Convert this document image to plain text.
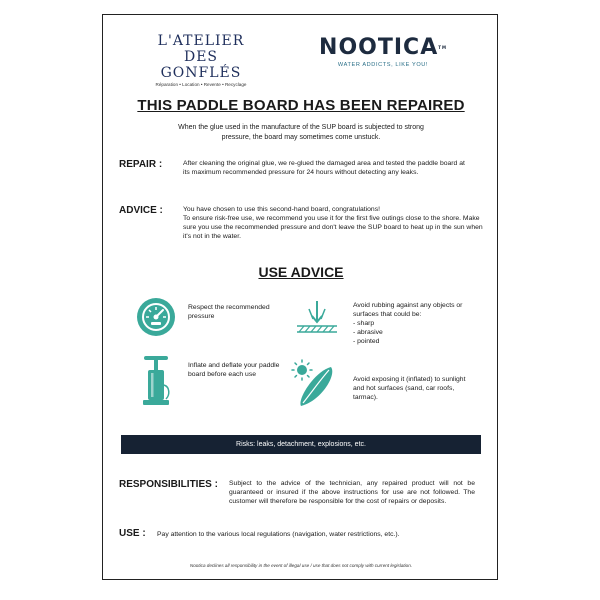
L'ATELIER
DES GONFLÉS
Réparation • Location • Revente • Recyclage
NOOTICA™
WATER ADDICTS, LIKE YOU!
THIS PADDLE BOARD HAS BEEN REPAIRED
When the glue used in the manufacture of the SUP board is subjected to strong pressure, the board may sometimes come unstuck.
REPAIR :	After cleaning the original glue, we re-glued the damaged area and tested the paddle board at its maximum recommended pressure for 24 hours without detecting any leaks.
ADVICE :	You have chosen to use this second-hand board, congratulations!
To ensure risk-free use, we recommend you use it for the first five outings close to the shore. Make sure you use the recommended pressure and don't leave the SUP board to heat up in the sun when it's not in the water.
USE ADVICE
Respect the recommended pressure
Avoid rubbing against any objects or surfaces that could be:
- sharp
- abrasive
- pointed
Inflate and deflate your paddle board before each use
Avoid exposing it (inflated) to sunlight and hot surfaces (sand, car roofs, tarmac).
Risks: leaks, detachment, explosions, etc.
RESPONSIBILITIES : Subject to the advice of the technician, any repaired product will not be guaranteed or insured if the above instructions for use are not followed. The customer will therefore be responsible for the cost of repairs or deposits.
USE : Pay attention to the various local regulations (navigation, water restrictions, etc.).
Nootica declines all responsibility in the event of illegal use / use that does not comply with current legislation.
